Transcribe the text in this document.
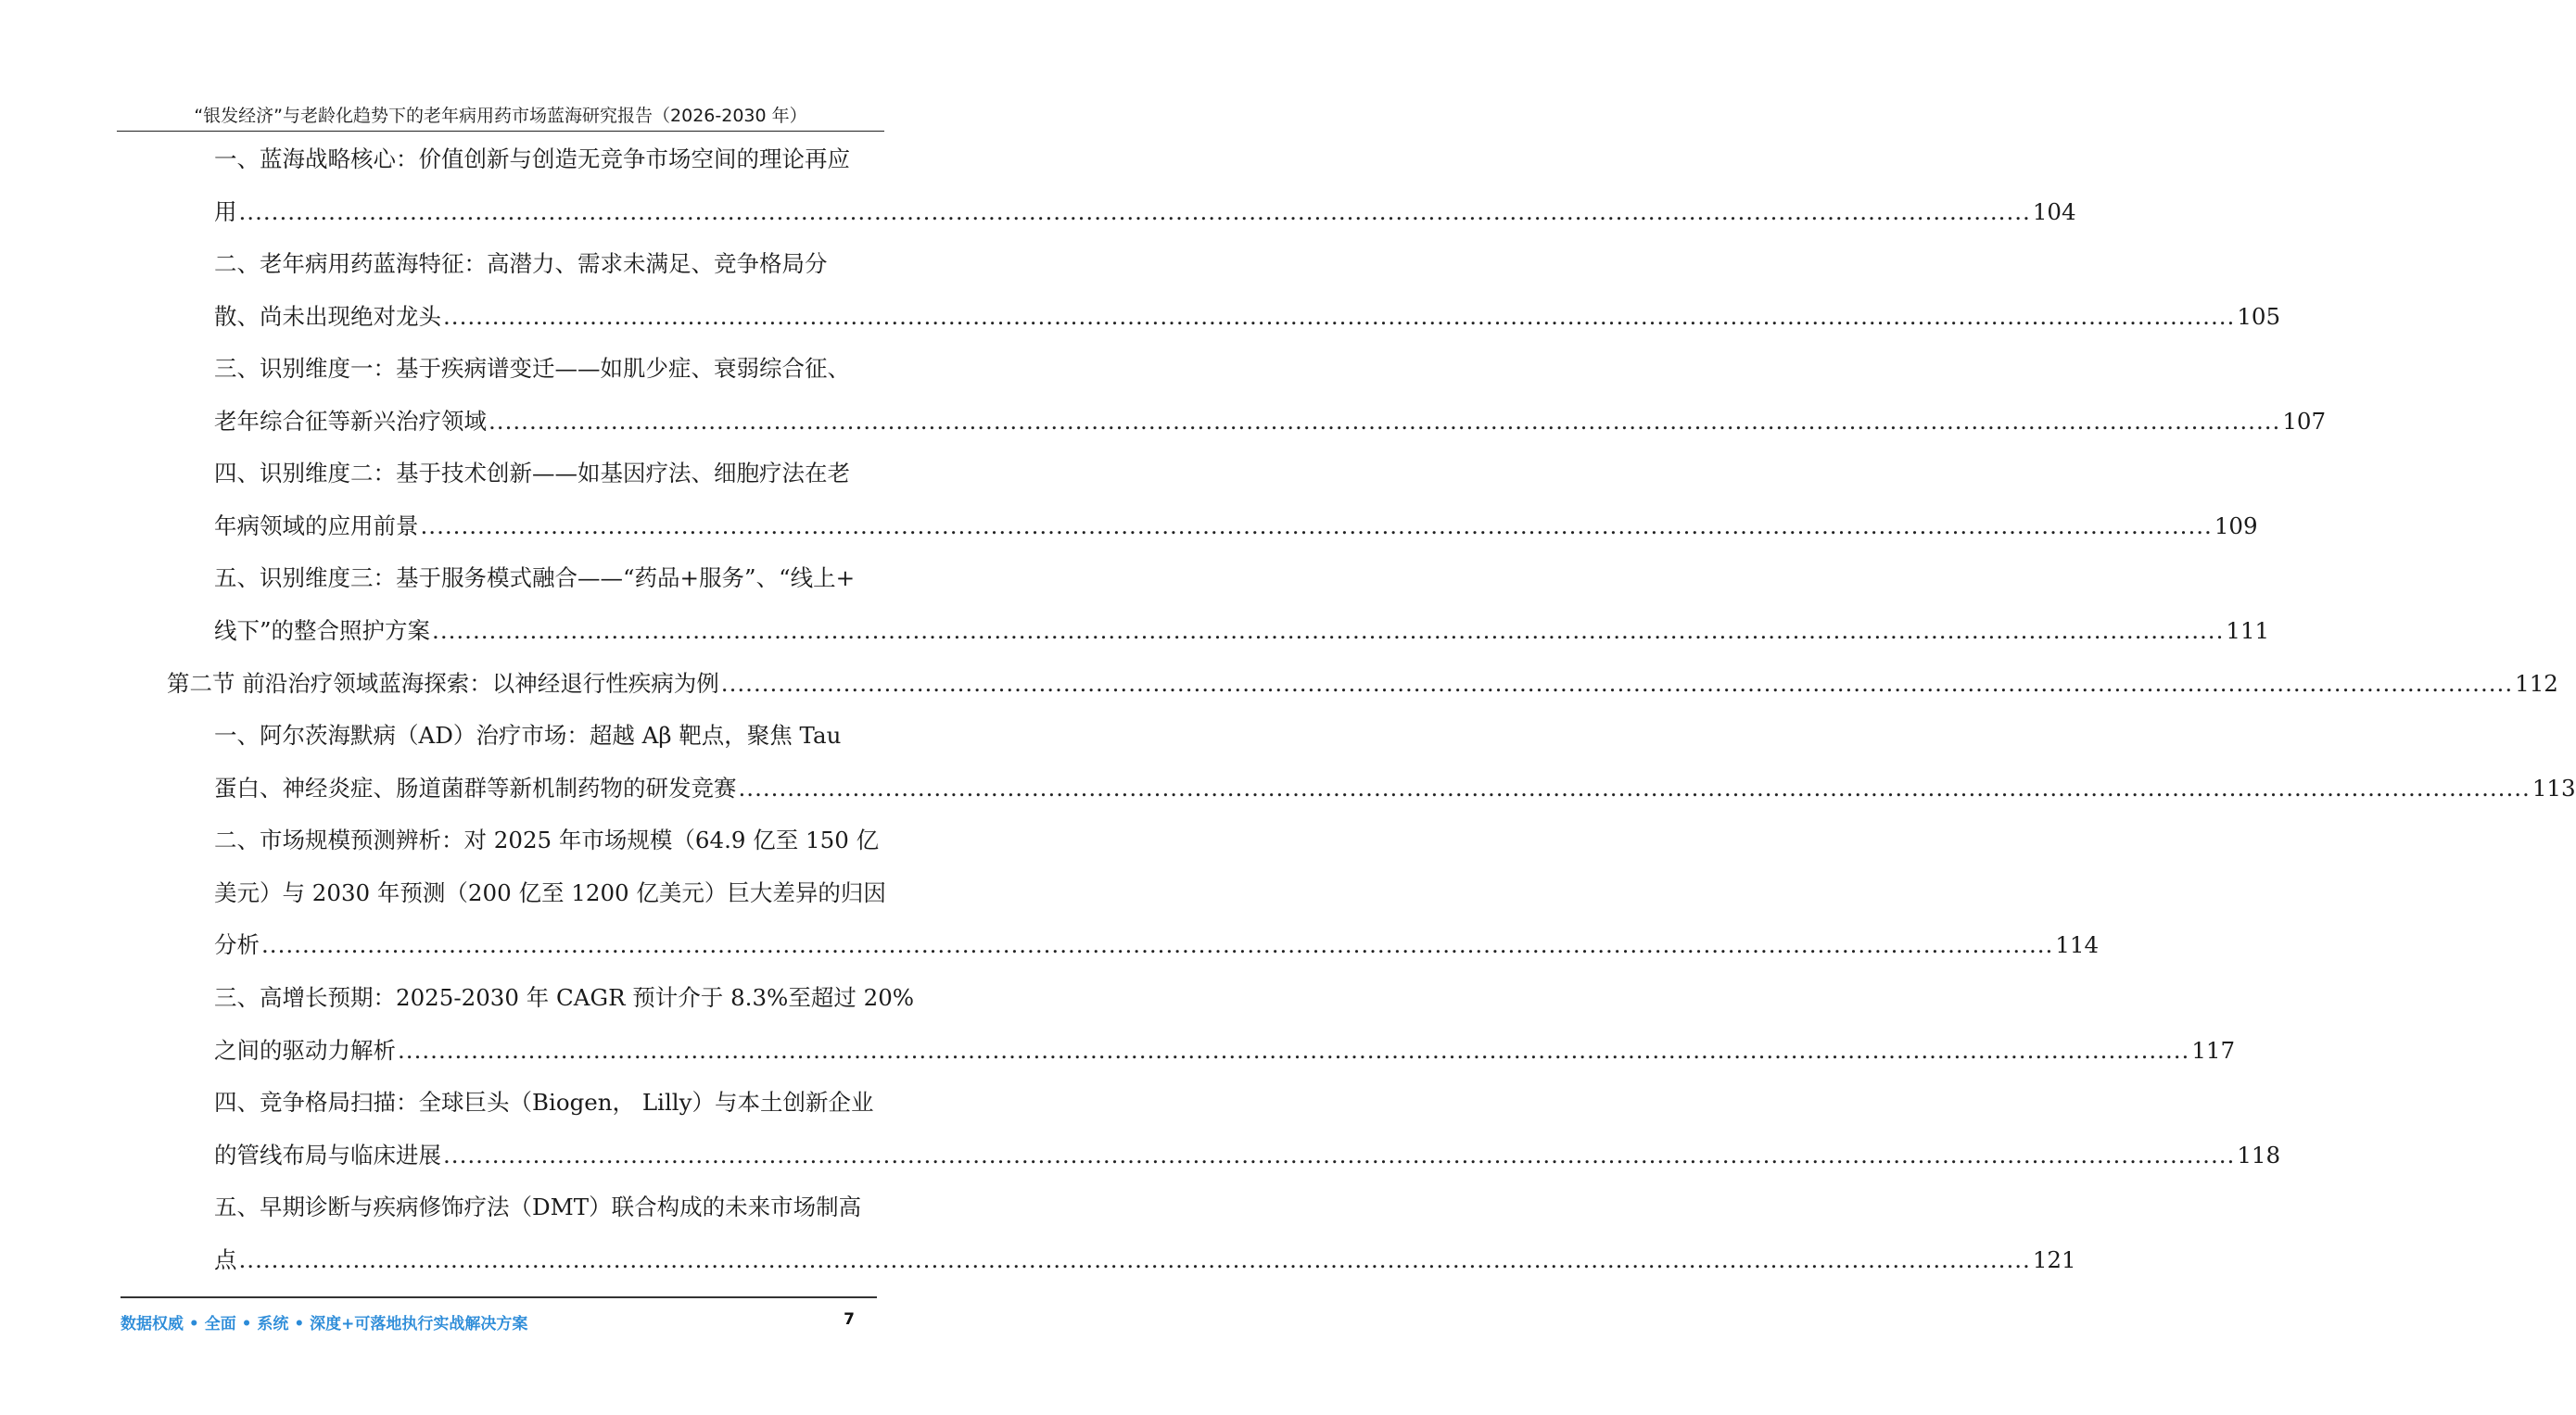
“银发经济”与老龄化趋势下的老年病用药市场蓝海研究报告（2026-2030 年）
一、蓝海战略核心：价值创新与创造无竞争市场空间的理论再应
用 ............................................................................................................................................................................................................................ 104
二、老年病用药蓝海特征：高潜力、需求未满足、竞争格局分
散、尚未出现绝对龙头 ............................................................................................................................................................................................................................ 105
三、识别维度一：基于疾病谱变迁——如肌少症、衰弱综合征、
老年综合征等新兴治疗领域 ............................................................................................................................................................................................................................ 107
四、识别维度二：基于技术创新——如基因疗法、细胞疗法在老
年病领域的应用前景 ............................................................................................................................................................................................................................ 109
五、识别维度三：基于服务模式融合——“药品+服务”、“线上+
线下”的整合照护方案 ............................................................................................................................................................................................................................ 111
第二节 前沿治疗领域蓝海探索：以神经退行性疾病为例 ............................................................................................................................................................................................................................ 112
一、阿尔茨海默病（AD）治疗市场：超越 Aβ 靶点，聚焦 Tau
蛋白、神经炎症、肠道菌群等新机制药物的研发竞赛 ............................................................................................................................................................................................................................ 113
二、市场规模预测辨析：对 2025 年市场规模（64.9 亿至 150 亿
美元）与 2030 年预测（200 亿至 1200 亿美元）巨大差异的归因
分析 ............................................................................................................................................................................................................................ 114
三、高增长预期：2025-2030 年 CAGR 预计介于 8.3%至超过 20%
之间的驱动力解析 ............................................................................................................................................................................................................................ 117
四、竞争格局扫描：全球巨头（Biogen， Lilly）与本土创新企业
的管线布局与临床进展 ............................................................................................................................................................................................................................ 118
五、早期诊断与疾病修饰疗法（DMT）联合构成的未来市场制高
点 ............................................................................................................................................................................................................................ 121
数据权威 • 全面 • 系统 • 深度+可落地执行实战解决方案	7
